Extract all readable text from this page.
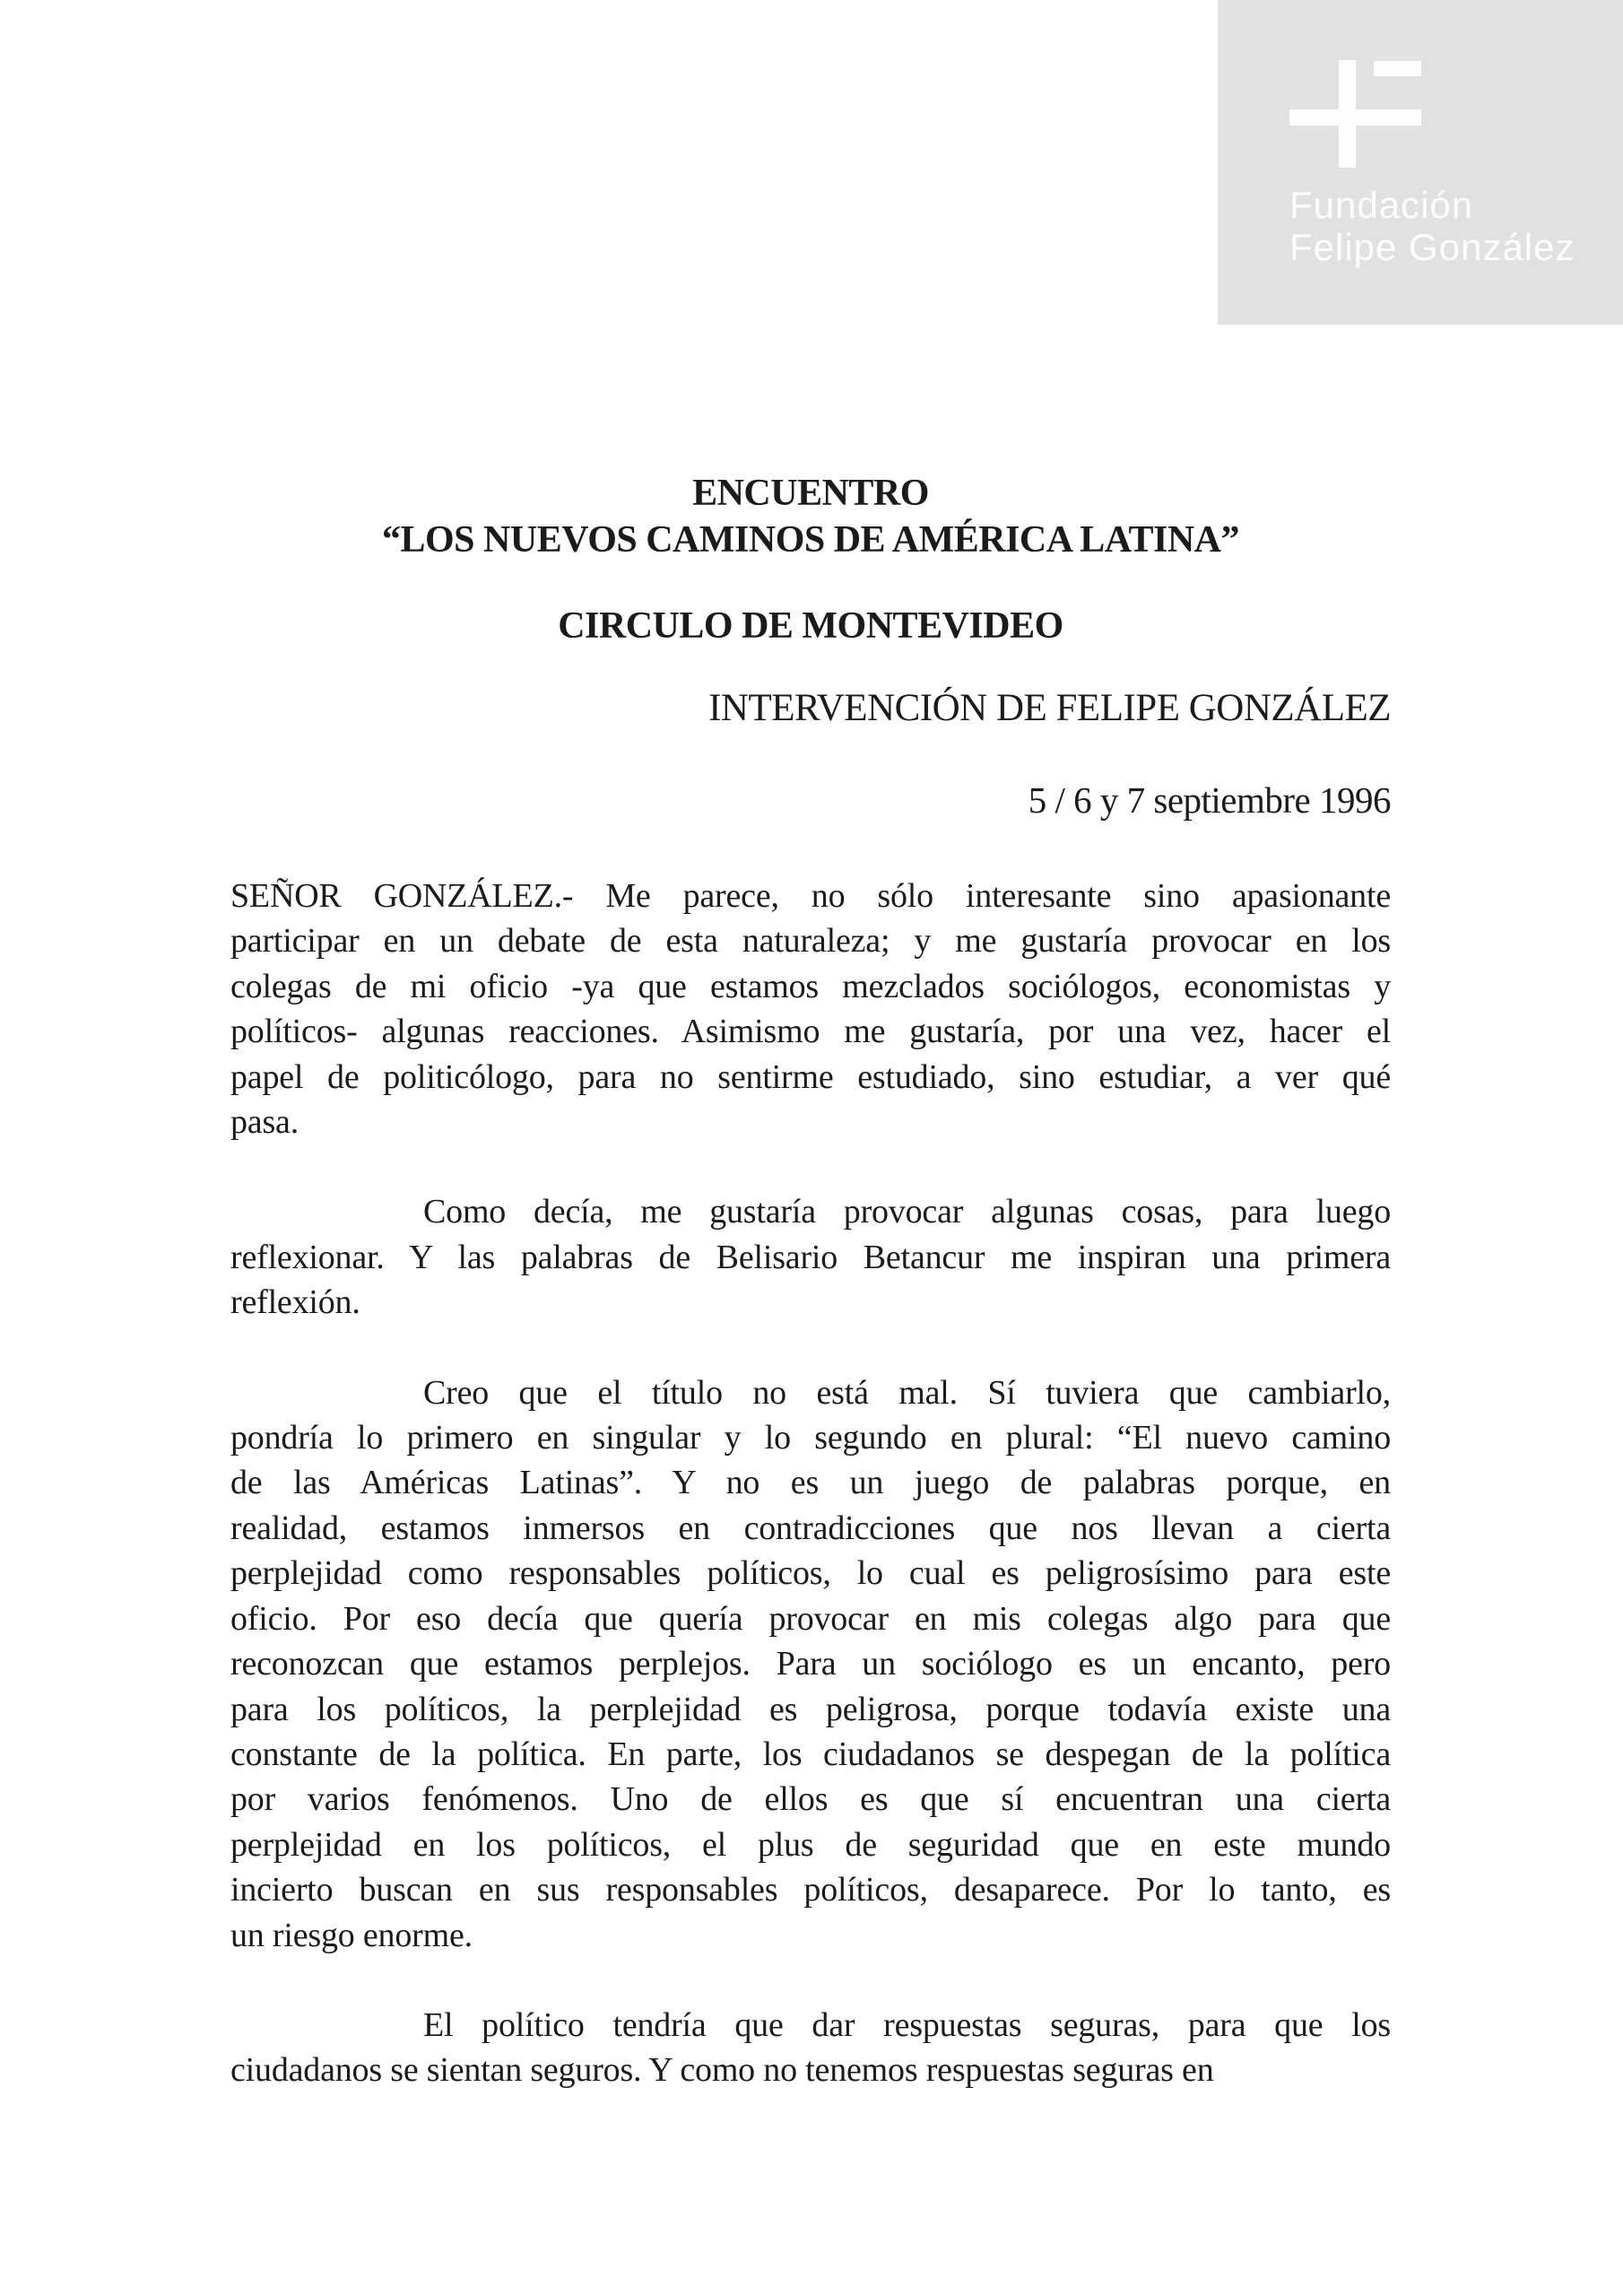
Fundación
Felipe González
ENCUENTRO
“LOS NUEVOS CAMINOS DE AMÉRICA LATINA”
CIRCULO DE MONTEVIDEO
INTERVENCIÓN DE FELIPE GONZÁLEZ
5 / 6 y 7 septiembre 1996

SEÑOR GONZÁLEZ.- Me parece, no sólo interesante sino apasionante
participar en un debate de esta naturaleza; y me gustaría provocar en los
colegas de mi oficio -ya que estamos mezclados sociólogos, economistas y
políticos- algunas reacciones. Asimismo me gustaría, por una vez, hacer el
papel de politicólogo, para no sentirme estudiado, sino estudiar, a ver qué
pasa.

Como decía, me gustaría provocar algunas cosas, para luego
reflexionar. Y las palabras de Belisario Betancur me inspiran una primera
reflexión.

Creo que el título no está mal. Sí tuviera que cambiarlo,
pondría lo primero en singular y lo segundo en plural: “El nuevo camino
de las Américas Latinas”. Y no es un juego de palabras porque, en
realidad, estamos inmersos en contradicciones que nos llevan a cierta
perplejidad como responsables políticos, lo cual es peligrosísimo para este
oficio. Por eso decía que quería provocar en mis colegas algo para que
reconozcan que estamos perplejos. Para un sociólogo es un encanto, pero
para los políticos, la perplejidad es peligrosa, porque todavía existe una
constante de la política. En parte, los ciudadanos se despegan de la política
por varios fenómenos. Uno de ellos es que sí encuentran una cierta
perplejidad en los políticos, el plus de seguridad que en este mundo
incierto buscan en sus responsables políticos, desaparece. Por lo tanto, es
un riesgo enorme.

El político tendría que dar respuestas seguras, para que los
ciudadanos se sientan seguros. Y como no tenemos respuestas seguras en
